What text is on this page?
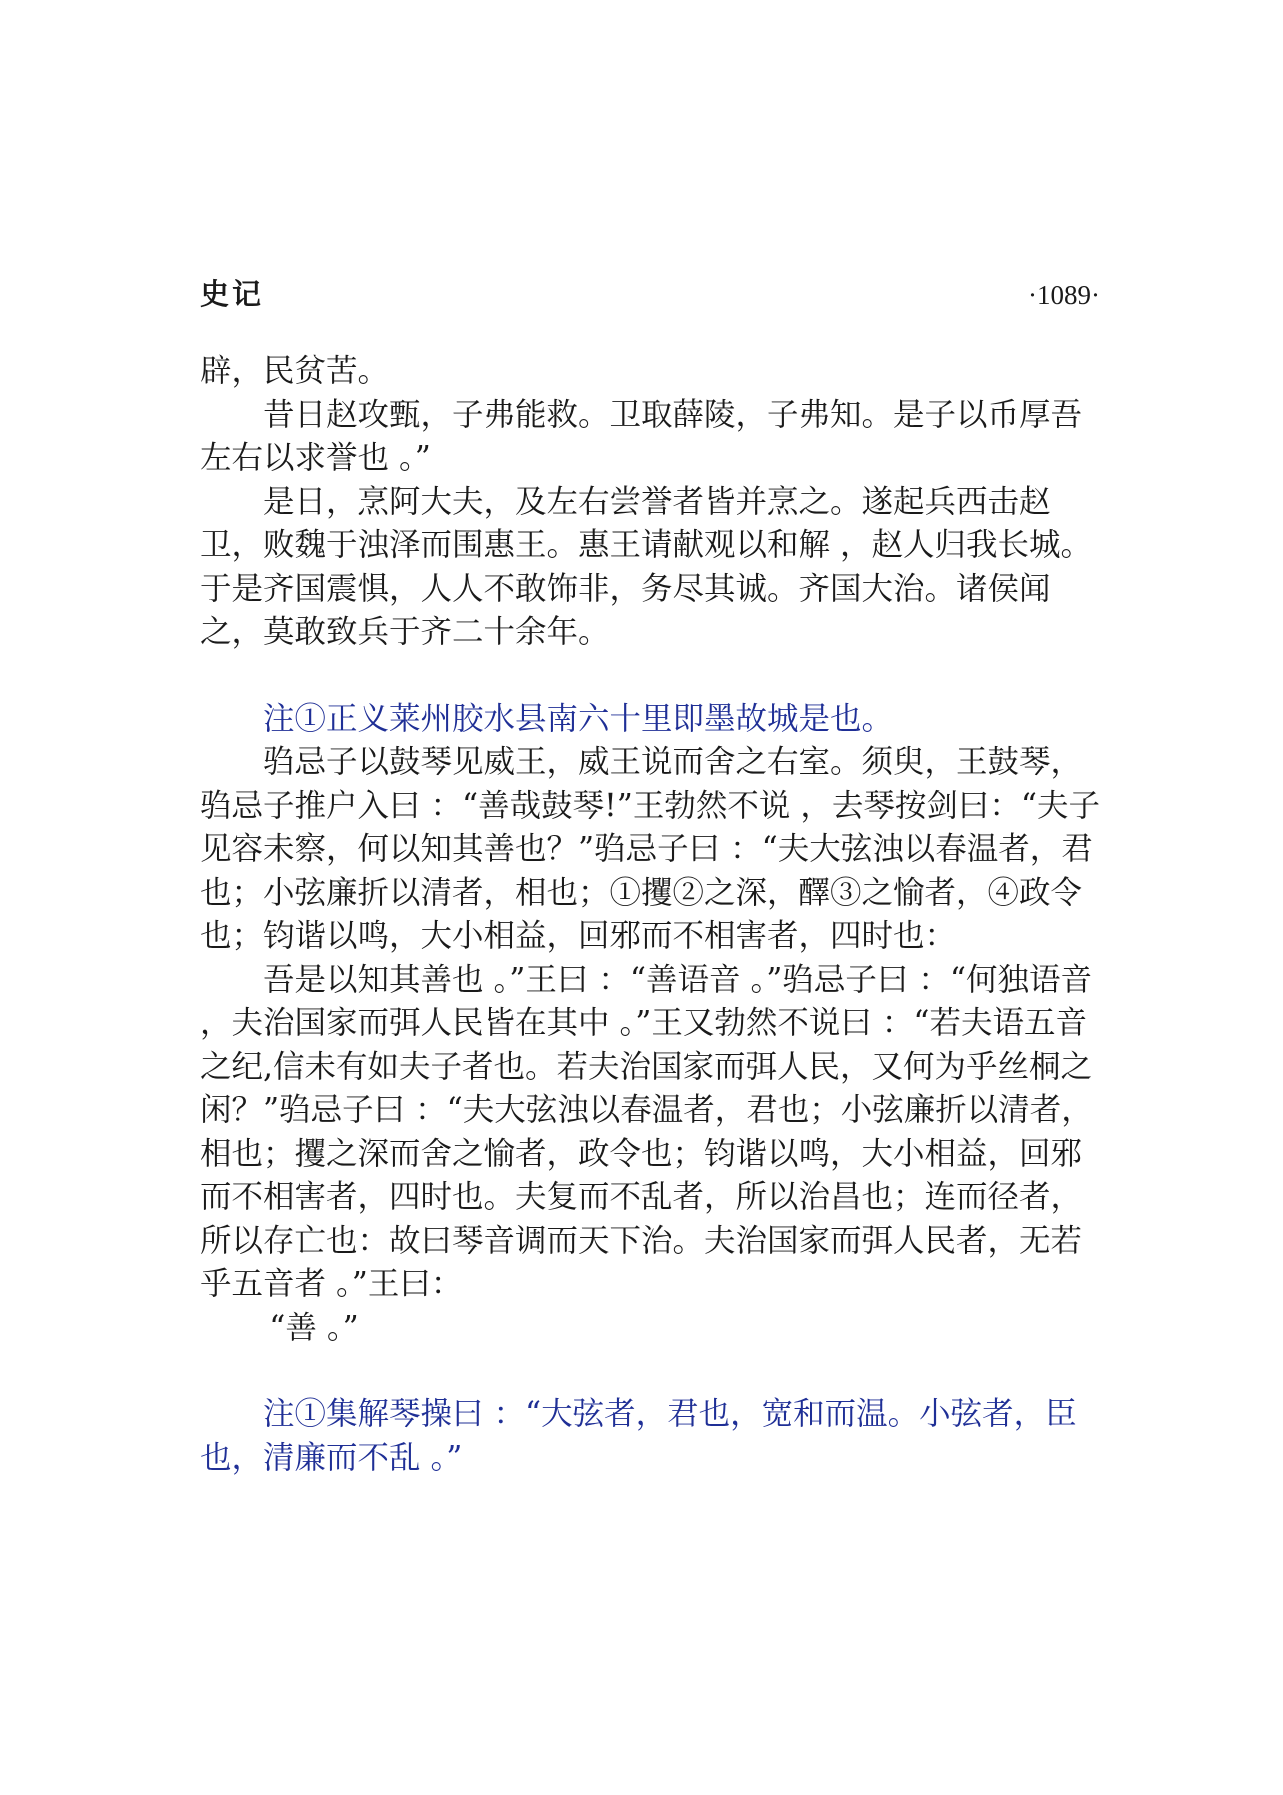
史记	·1089·

辟，民贫苦。

昔日赵攻甄，子弗能救。卫取薛陵，子弗知。是子以币厚吾左右以求誉也 。”

是日，烹阿大夫，及左右尝誉者皆并烹之。遂起兵西击赵卫，败魏于浊泽而围惠王。惠王请献观以和解 ，赵人归我长城。于是齐国震惧，人人不敢饰非，务尽其诚。齐国大治。诸侯闻之，莫敢致兵于齐二十余年。

注①正义莱州胶水县南六十里即墨故城是也。

驺忌子以鼓琴见威王，威王说而舍之右室。须臾，王鼓琴，驺忌子推户入曰 ：“善哉鼓琴!”王勃然不说 ，去琴按剑曰：“夫子见容未察，何以知其善也？”驺忌子曰 ：“夫大弦浊以春温者，君也；小弦廉折以清者，相也；①攫②之深，醳③之愉者，④政令也；钧谐以鸣，大小相益，回邪而不相害者，四时也：

吾是以知其善也 。”王曰 ：“善语音 。”驺忌子曰 ：“何独语音 ，夫治国家而弭人民皆在其中 。”王又勃然不说曰 ：“若夫语五音之纪,信未有如夫子者也。若夫治国家而弭人民，又何为乎丝桐之闲？”驺忌子曰 ：“夫大弦浊以春温者，君也；小弦廉折以清者，相也；攫之深而舍之愉者，政令也；钧谐以鸣，大小相益，回邪而不相害者，四时也。夫复而不乱者，所以治昌也；连而径者，所以存亡也：故曰琴音调而天下治。夫治国家而弭人民者，无若乎五音者 。”王曰：

“善 。”

注①集解琴操曰 ：“大弦者，君也，宽和而温。小弦者，臣也，清廉而不乱 。”
